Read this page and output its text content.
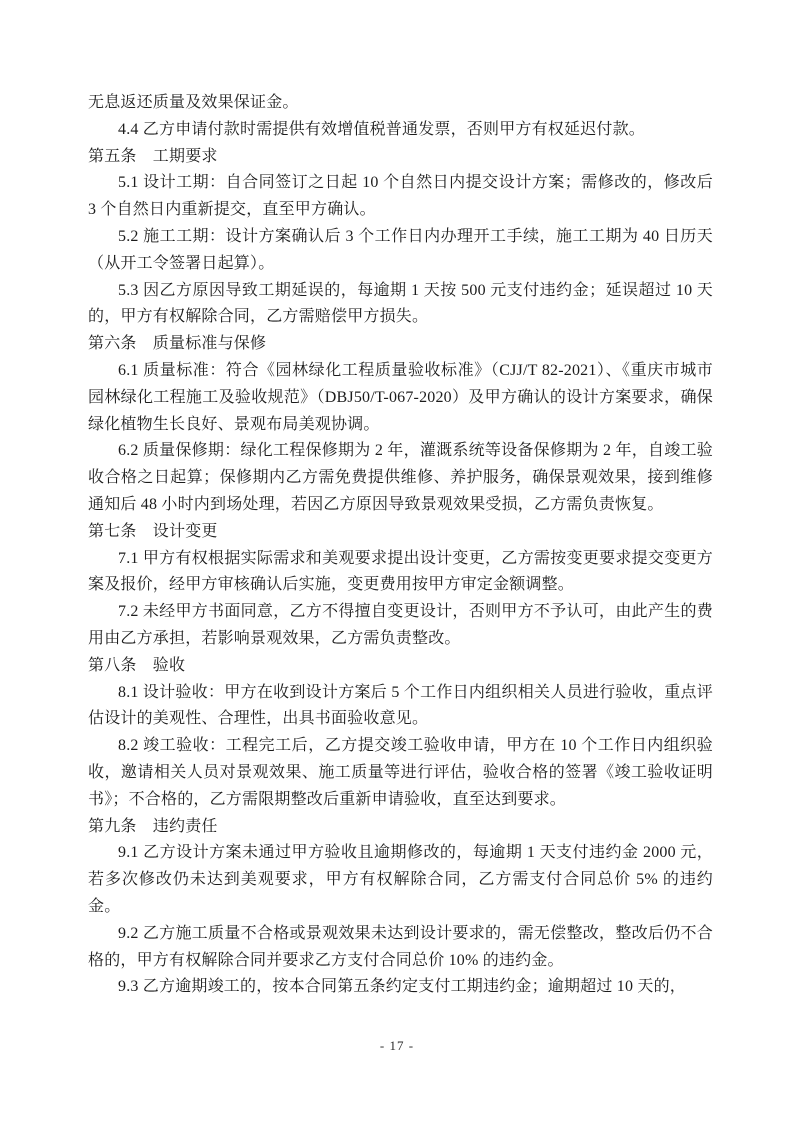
无息返还质量及效果保证金。

4.4 乙方申请付款时需提供有效增值税普通发票，否则甲方有权延迟付款。

第五条　工期要求

5.1 设计工期：自合同签订之日起 10 个自然日内提交设计方案；需修改的，修改后 3 个自然日内重新提交，直至甲方确认。

5.2 施工工期：设计方案确认后 3 个工作日内办理开工手续，施工工期为 40 日历天（从开工令签署日起算）。

5.3 因乙方原因导致工期延误的，每逾期 1 天按 500 元支付违约金；延误超过 10 天的，甲方有权解除合同，乙方需赔偿甲方损失。

第六条　质量标准与保修

6.1 质量标准：符合《园林绿化工程质量验收标准》（CJJ/T 82-2021）、《重庆市城市园林绿化工程施工及验收规范》（DBJ50/T-067-2020）及甲方确认的设计方案要求，确保绿化植物生长良好、景观布局美观协调。

6.2 质量保修期：绿化工程保修期为 2 年，灌溉系统等设备保修期为 2 年，自竣工验收合格之日起算；保修期内乙方需免费提供维修、养护服务，确保景观效果，接到维修通知后 48 小时内到场处理，若因乙方原因导致景观效果受损，乙方需负责恢复。

第七条　设计变更

7.1 甲方有权根据实际需求和美观要求提出设计变更，乙方需按变更要求提交变更方案及报价，经甲方审核确认后实施，变更费用按甲方审定金额调整。

7.2 未经甲方书面同意，乙方不得擅自变更设计，否则甲方不予认可，由此产生的费用由乙方承担，若影响景观效果，乙方需负责整改。

第八条　验收

8.1 设计验收：甲方在收到设计方案后 5 个工作日内组织相关人员进行验收，重点评估设计的美观性、合理性，出具书面验收意见。

8.2 竣工验收：工程完工后，乙方提交竣工验收申请，甲方在 10 个工作日内组织验收，邀请相关人员对景观效果、施工质量等进行评估，验收合格的签署《竣工验收证明书》；不合格的，乙方需限期整改后重新申请验收，直至达到要求。

第九条　违约责任

9.1 乙方设计方案未通过甲方验收且逾期修改的，每逾期 1 天支付违约金 2000 元，若多次修改仍未达到美观要求，甲方有权解除合同，乙方需支付合同总价 5% 的违约金。

9.2 乙方施工质量不合格或景观效果未达到设计要求的，需无偿整改，整改后仍不合格的，甲方有权解除合同并要求乙方支付合同总价 10% 的违约金。

9.3 乙方逾期竣工的，按本合同第五条约定支付工期违约金；逾期超过 10 天的，

- 17 -
